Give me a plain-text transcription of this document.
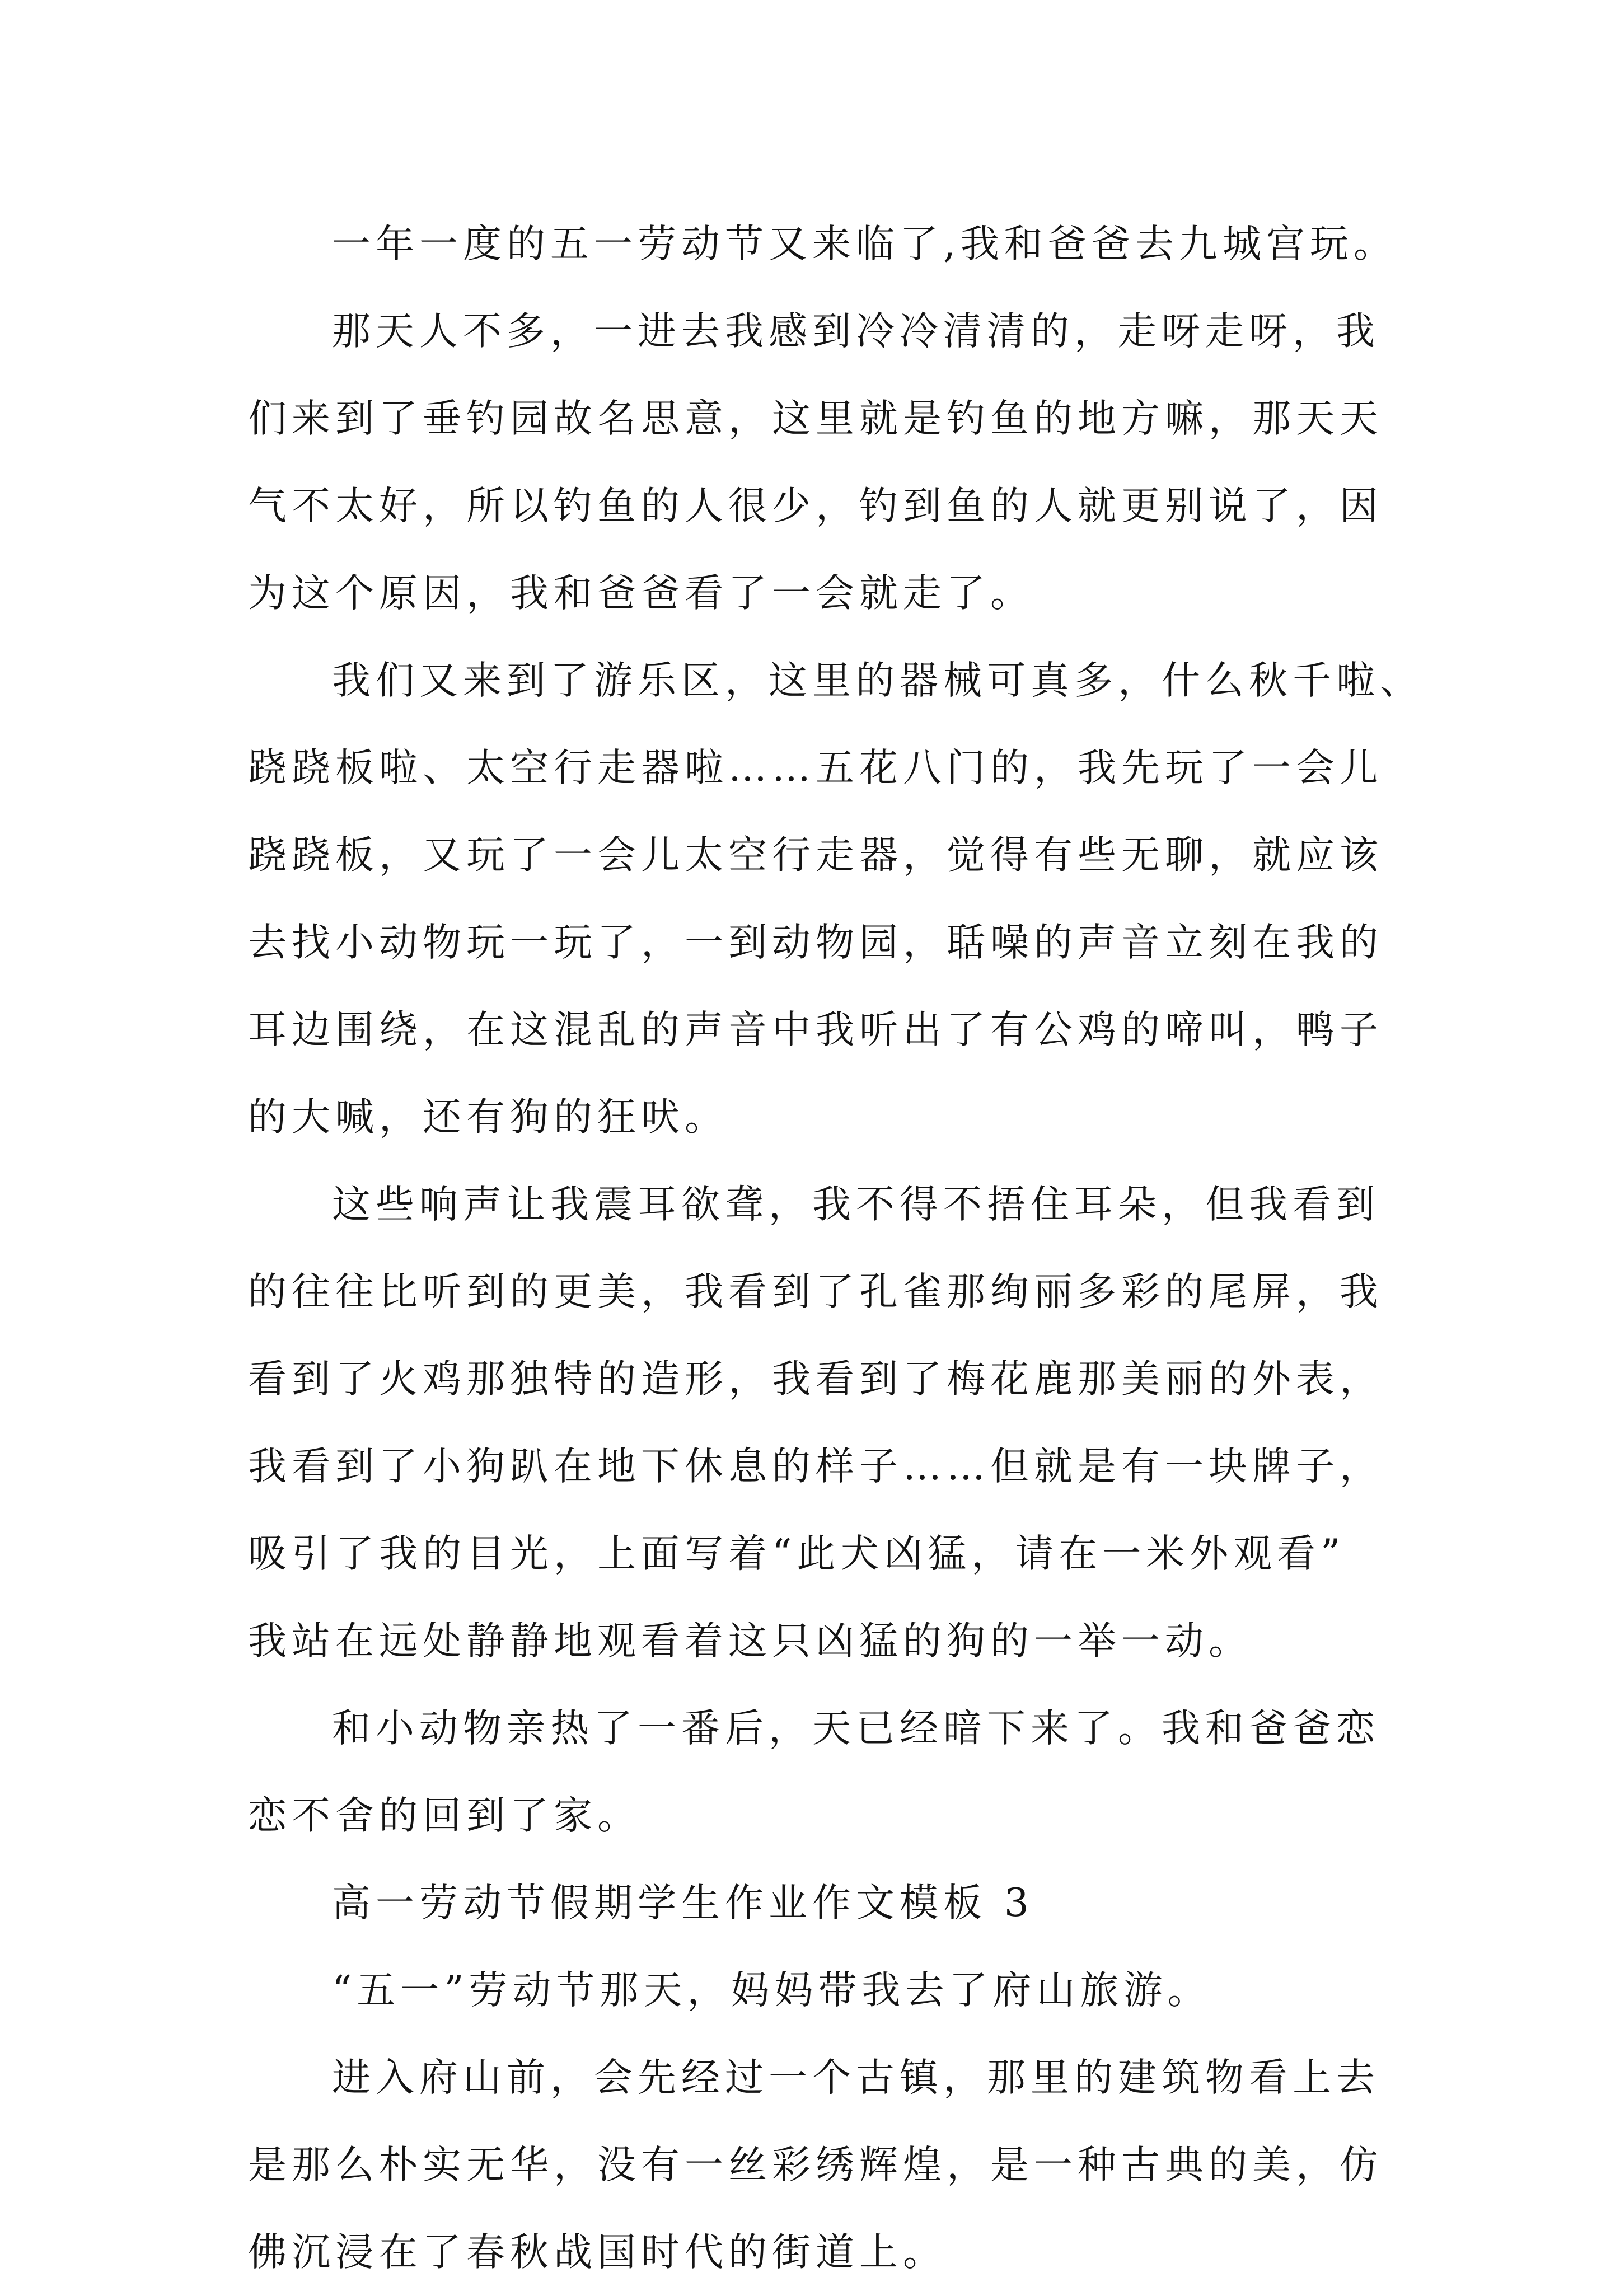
一年一度的五一劳动节又来临了,我和爸爸去九城宫玩。
那天人不多，一进去我感到冷冷清清的，走呀走呀，我
们来到了垂钓园故名思意，这里就是钓鱼的地方嘛，那天天
气不太好，所以钓鱼的人很少，钓到鱼的人就更别说了，因
为这个原因，我和爸爸看了一会就走了。
我们又来到了游乐区，这里的器械可真多，什么秋千啦、
跷跷板啦、太空行走器啦……五花八门的，我先玩了一会儿
跷跷板，又玩了一会儿太空行走器，觉得有些无聊，就应该
去找小动物玩一玩了，一到动物园，聒噪的声音立刻在我的
耳边围绕，在这混乱的声音中我听出了有公鸡的啼叫，鸭子
的大喊，还有狗的狂吠。
这些响声让我震耳欲聋，我不得不捂住耳朵，但我看到
的往往比听到的更美，我看到了孔雀那绚丽多彩的尾屏，我
看到了火鸡那独特的造形，我看到了梅花鹿那美丽的外表，
我看到了小狗趴在地下休息的样子……但就是有一块牌子，
吸引了我的目光，上面写着“此犬凶猛，请在一米外观看”
我站在远处静静地观看着这只凶猛的狗的一举一动。
和小动物亲热了一番后，天已经暗下来了。我和爸爸恋
恋不舍的回到了家。
高一劳动节假期学生作业作文模板 3
“五一”劳动节那天，妈妈带我去了府山旅游。
进入府山前，会先经过一个古镇，那里的建筑物看上去
是那么朴实无华，没有一丝彩绣辉煌，是一种古典的美，仿
佛沉浸在了春秋战国时代的街道上。
